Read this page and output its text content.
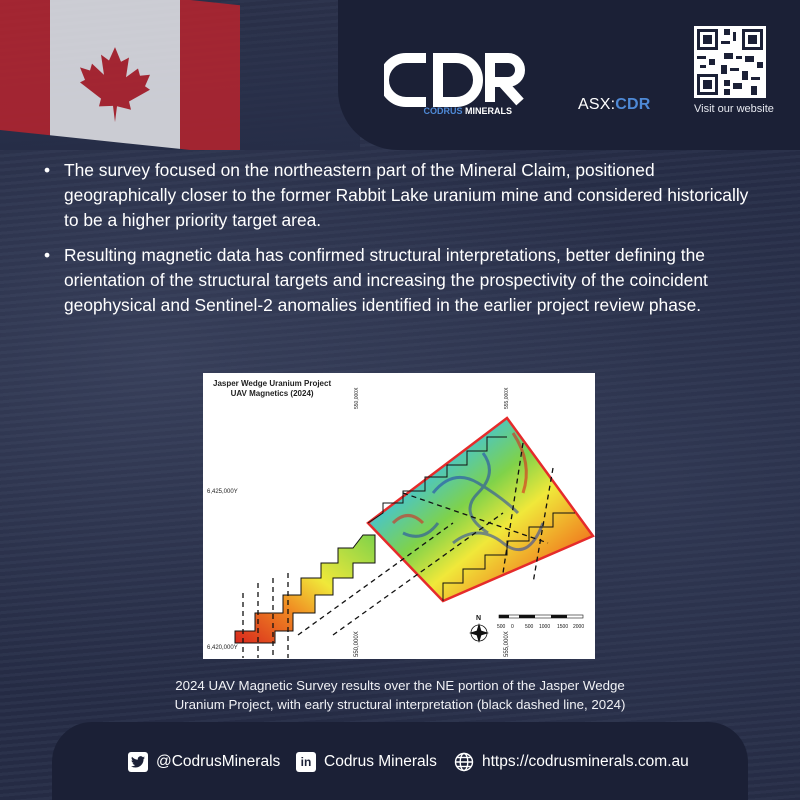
CODRUS MINERALS	ASX:CDR	Visit our website
• The survey focused on the northeastern part of the Mineral Claim, positioned geographically closer to the former Rabbit Lake uranium mine and considered historically to be a higher priority target area.
• Resulting magnetic data has confirmed structural interpretations, better defining the orientation of the structural targets and increasing the prospectivity of the coincident geophysical and Sentinel-2 anomalies identified in the earlier project review phase.
Jasper Wedge Uranium Project
UAV Magnetics (2024)
6,425,000Y
6,420,000Y	550,000X	555,000X
550,000X	555,000X
N
500 0 500 1000 1500 2000
2024 UAV Magnetic Survey results over the NE portion of the Jasper Wedge
Uranium Project, with early structural interpretation (black dashed line, 2024)
@CodrusMinerals	in Codrus Minerals	https://codrusminerals.com.au
